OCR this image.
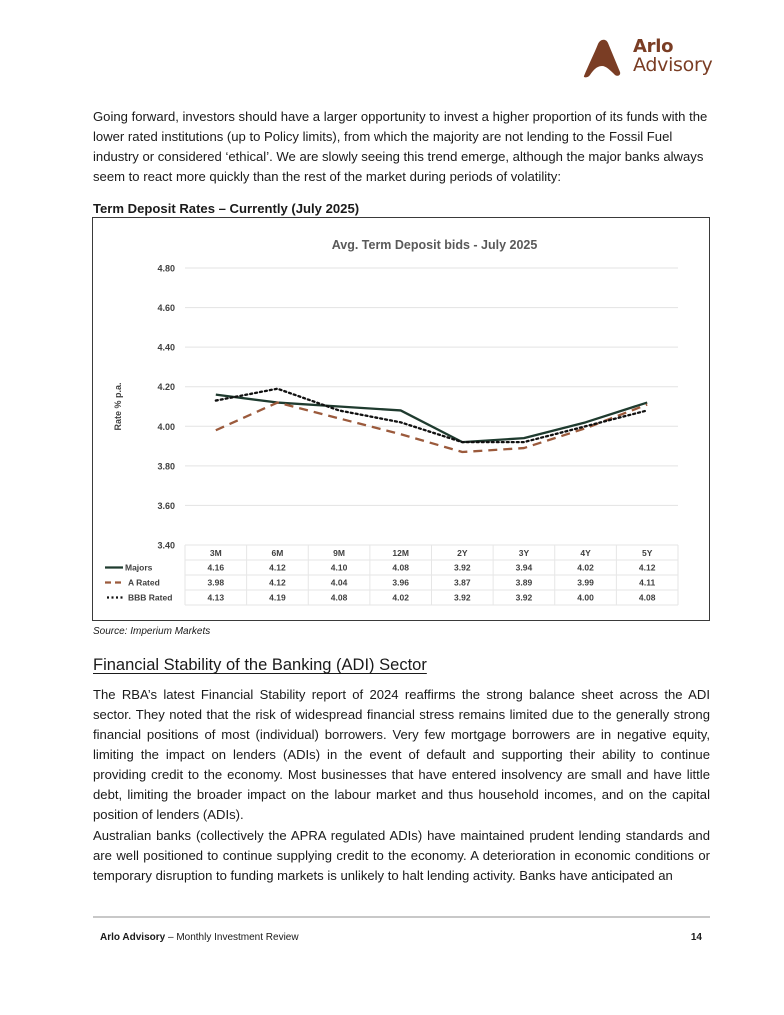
Arlo
Advisory

Going forward, investors should have a larger opportunity to invest a higher proportion of its funds with the lower rated institutions (up to Policy limits), from which the majority are not lending to the Fossil Fuel industry or considered ‘ethical’. We are slowly seeing this trend emerge, although the major banks always seem to react more quickly than the rest of the market during periods of volatility:

Term Deposit Rates – Currently (July 2025)

Avg. Term Deposit bids - July 2025
4.80
4.60
4.40
4.20
4.00
3.80
3.60
3.40
Rate % p.a.
3M	6M	9M	12M	2Y	3Y	4Y	5Y
Majors	4.16	4.12	4.10	4.08	3.92	3.94	4.02	4.12
A Rated	3.98	4.12	4.04	3.96	3.87	3.89	3.99	4.11
BBB Rated	4.13	4.19	4.08	4.02	3.92	3.92	4.00	4.08

Source: Imperium Markets

Financial Stability of the Banking (ADI) Sector

The RBA’s latest Financial Stability report of 2024 reaffirms the strong balance sheet across the ADI sector. They noted that the risk of widespread financial stress remains limited due to the generally strong financial positions of most (individual) borrowers. Very few mortgage borrowers are in negative equity, limiting the impact on lenders (ADIs) in the event of default and supporting their ability to continue providing credit to the economy. Most businesses that have entered insolvency are small and have little debt, limiting the broader impact on the labour market and thus household incomes, and on the capital position of lenders (ADIs).

Australian banks (collectively the APRA regulated ADIs) have maintained prudent lending standards and are well positioned to continue supplying credit to the economy. A deterioration in economic conditions or temporary disruption to funding markets is unlikely to halt lending activity. Banks have anticipated an

Arlo Advisory – Monthly Investment Review	14
